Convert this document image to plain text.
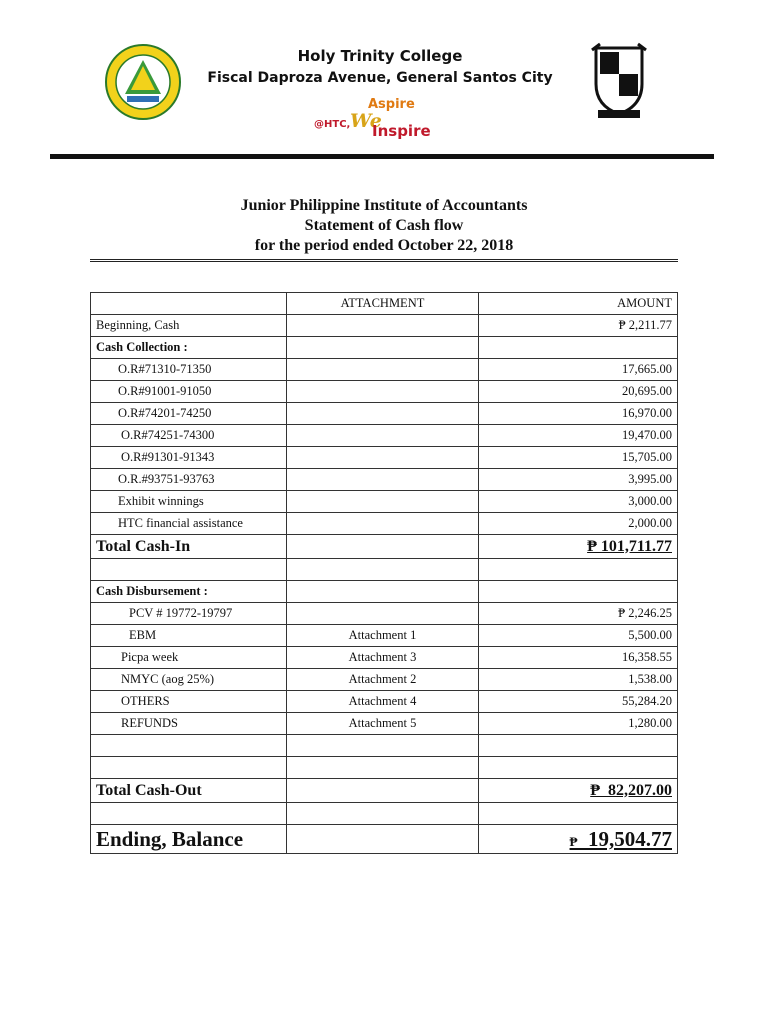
Holy Trinity College
Fiscal Daproza Avenue, General Santos City
Aspire
@HTC, We
Inspire
Junior Philippine Institute of Accountants
Statement of Cash flow
for the period ended October 22, 2018
	ATTACHMENT	AMOUNT
Beginning, Cash		₱ 2,211.77
Cash Collection :		
O.R#71310-71350		17,665.00
O.R#91001-91050		20,695.00
O.R#74201-74250		16,970.00
O.R#74251-74300		19,470.00
O.R#91301-91343		15,705.00
O.R.#93751-93763		3,995.00
Exhibit winnings		3,000.00
HTC financial assistance		2,000.00
Total Cash-In		₱ 101,711.77

Cash Disbursement :		
PCV # 19772-19797		₱ 2,246.25
EBM	Attachment 1	5,500.00
Picpa week	Attachment 3	16,358.55
NMYC (aog 25%)	Attachment 2	1,538.00
OTHERS	Attachment 4	55,284.20
REFUNDS	Attachment 5	1,280.00

Total Cash-Out		₱ 82,207.00

Ending, Balance		₱ 19,504.77
